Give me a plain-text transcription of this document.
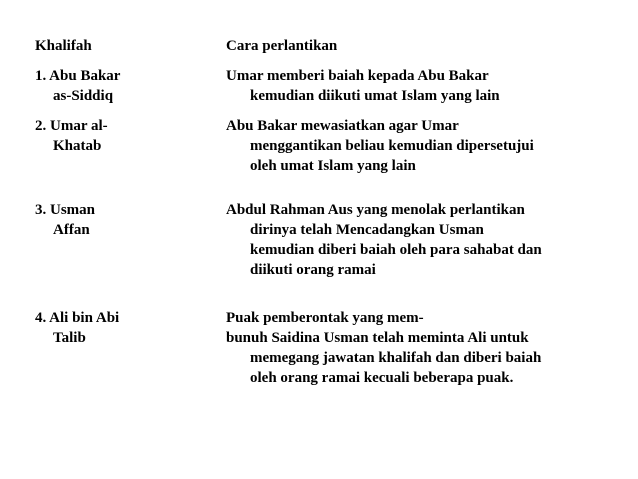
Khalifah	Cara perlantikan

1. Abu Bakar
as-Siddiq	Umar memberi baiah kepada Abu Bakar
kemudian diikuti umat Islam yang lain

2. Umar al-
Khatab	Abu Bakar mewasiatkan agar Umar
menggantikan beliau kemudian dipersetujui
oleh umat Islam yang lain

3. Usman
Affan	Abdul Rahman Aus yang menolak perlantikan
dirinya telah Mencadangkan Usman
kemudian diberi baiah oleh para sahabat dan
diikuti orang ramai

4. Ali bin Abi
Talib	Puak pemberontak yang mem-
bunuh Saidina Usman telah meminta Ali untuk
memegang jawatan khalifah dan diberi baiah
oleh orang ramai kecuali beberapa puak.
